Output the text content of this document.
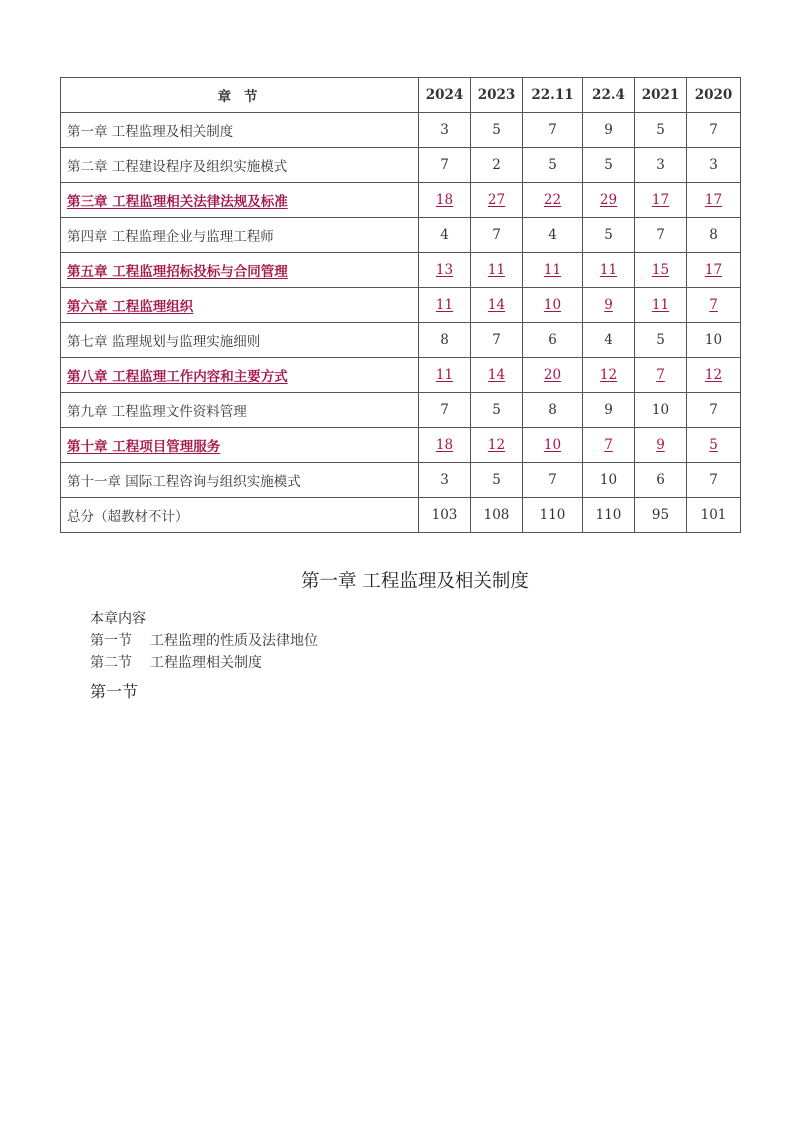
章 节	2024	2023	22.11	22.4	2021	2020
第一章 工程监理及相关制度	3	5	7	9	5	7
第二章 工程建设程序及组织实施模式	7	2	5	5	3	3
第三章 工程监理相关法律法规及标准	18	27	22	29	17	17
第四章 工程监理企业与监理工程师	4	7	4	5	7	8
第五章 工程监理招标投标与合同管理	13	11	11	11	15	17
第六章 工程监理组织	11	14	10	9	11	7
第七章 监理规划与监理实施细则	8	7	6	4	5	10
第八章 工程监理工作内容和主要方式	11	14	20	12	7	12
第九章 工程监理文件资料管理	7	5	8	9	10	7
第十章 工程项目管理服务	18	12	10	7	9	5
第十一章 国际工程咨询与组织实施模式	3	5	7	10	6	7
总分（超教材不计）	103	108	110	110	95	101
第一章 工程监理及相关制度
本章内容
第一节 工程监理的性质及法律地位
第二节 工程监理相关制度
第一节
